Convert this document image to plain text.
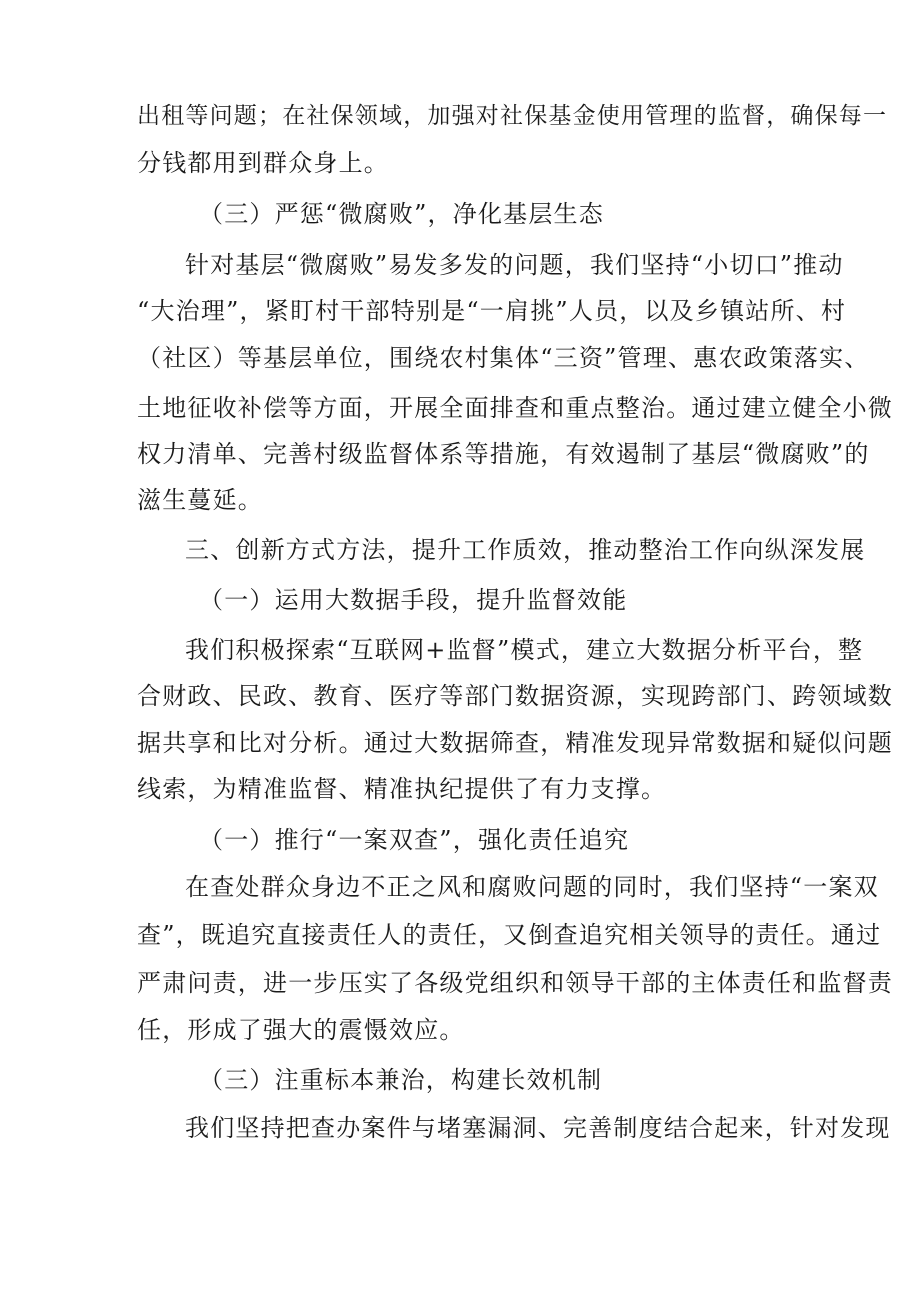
出租等问题；在社保领域，加强对社保基金使用管理的监督，确保每一

分钱都用到群众身上。

（三）严惩“微腐败”，净化基层生态

针对基层“微腐败”易发多发的问题，我们坚持“小切口”推动

“大治理”，紧盯村干部特别是“一肩挑”人员，以及乡镇站所、村

（社区）等基层单位，围绕农村集体“三资”管理、惠农政策落实、

土地征收补偿等方面，开展全面排查和重点整治。通过建立健全小微

权力清单、完善村级监督体系等措施，有效遏制了基层“微腐败”的

滋生蔓延。

三、创新方式方法，提升工作质效，推动整治工作向纵深发展

（一）运用大数据手段，提升监督效能

我们积极探索“互联网+监督”模式，建立大数据分析平台，整

合财政、民政、教育、医疗等部门数据资源，实现跨部门、跨领域数

据共享和比对分析。通过大数据筛查，精准发现异常数据和疑似问题

线索，为精准监督、精准执纪提供了有力支撑。

（一）推行“一案双查”，强化责任追究

在查处群众身边不正之风和腐败问题的同时，我们坚持“一案双

查”，既追究直接责任人的责任，又倒查追究相关领导的责任。通过

严肃问责，进一步压实了各级党组织和领导干部的主体责任和监督责

任，形成了强大的震慑效应。

（三）注重标本兼治，构建长效机制

我们坚持把查办案件与堵塞漏洞、完善制度结合起来，针对发现
